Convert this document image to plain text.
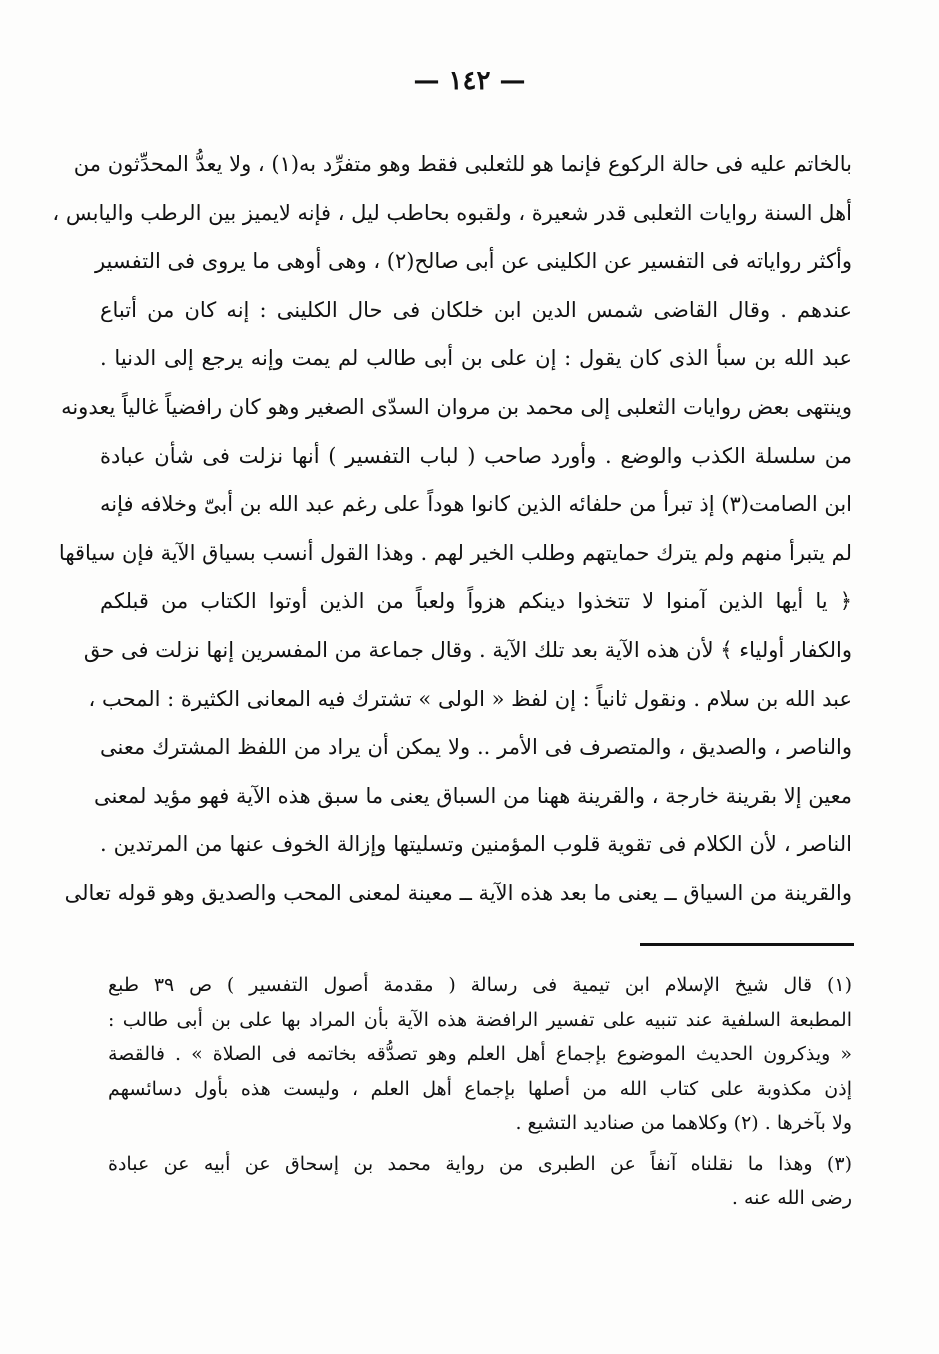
— ١٤٢ —
بالخاتم عليه فى حالة الركوع فإنما هو للثعلبى فقط وهو متفرِّد به(١) ، ولا يعدُّ المحدِّثون من
أهل السنة روايات الثعلبى قدر شعيرة ، ولقبوه بحاطب ليل ، فإنه لايميز بين الرطب واليابس ،
وأكثر رواياته فى التفسير عن الكلينى عن أبى صالح(٢) ، وهى أوهى ما يروى فى التفسير
عندهم . وقال القاضى شمس الدين ابن خلكان فى حال الكلينى : إنه كان من أتباع
عبد الله بن سبأ الذى كان يقول : إن على بن أبى طالب لم يمت وإنه يرجع إلى الدنيا .
وينتهى بعض روايات الثعلبى إلى محمد بن مروان السدّى الصغير وهو كان رافضياً غالياً يعدونه
من سلسلة الكذب والوضع . وأورد صاحب ( لباب التفسير ) أنها نزلت فى شأن عبادة
ابن الصامت(٣) إذ تبرأ من حلفائه الذين كانوا هوداً على رغم عبد الله بن أبىّ وخلافه فإنه
لم يتبرأ منهم ولم يترك حمايتهم وطلب الخير لهم . وهذا القول أنسب بسياق الآية فإن سياقها
﴿ يا أيها الذين آمنوا لا تتخذوا دينكم هزواً ولعباً من الذين أوتوا الكتاب من قبلكم
والكفار أولياء ﴾ لأن هذه الآية بعد تلك الآية . وقال جماعة من المفسرين إنها نزلت فى حق
عبد الله بن سلام . ونقول ثانياً : إن لفظ « الولى » تشترك فيه المعانى الكثيرة : المحب ،
والناصر ، والصديق ، والمتصرف فى الأمر .. ولا يمكن أن يراد من اللفظ المشترك معنى
معين إلا بقرينة خارجة ، والقرينة ههنا من السباق يعنى ما سبق هذه الآية فهو مؤيد لمعنى
الناصر ، لأن الكلام فى تقوية قلوب المؤمنين وتسليتها وإزالة الخوف عنها من المرتدين .
والقرينة من السياق ــ يعنى ما بعد هذه الآية ــ معينة لمعنى المحب والصديق وهو قوله تعالى
(١) قال شيخ الإسلام ابن تيمية فى رسالة ( مقدمة أصول التفسير ) ص ٣٩ طبع
المطبعة السلفية عند تنبيه على تفسير الرافضة هذه الآية بأن المراد بها على بن أبى طالب :
« ويذكرون الحديث الموضوع بإجماع أهل العلم وهو تصدُّقه بخاتمه فى الصلاة » . فالقصة
إذن مكذوبة على كتاب الله من أصلها بإجماع أهل العلم ، وليست هذه بأول دسائسهم
ولا بآخرها . (٢) وكلاهما من صناديد التشيع .
(٣) وهذا ما نقلناه آنفاً عن الطبرى من رواية محمد بن إسحاق عن أبيه عن عبادة
رضى الله عنه .
